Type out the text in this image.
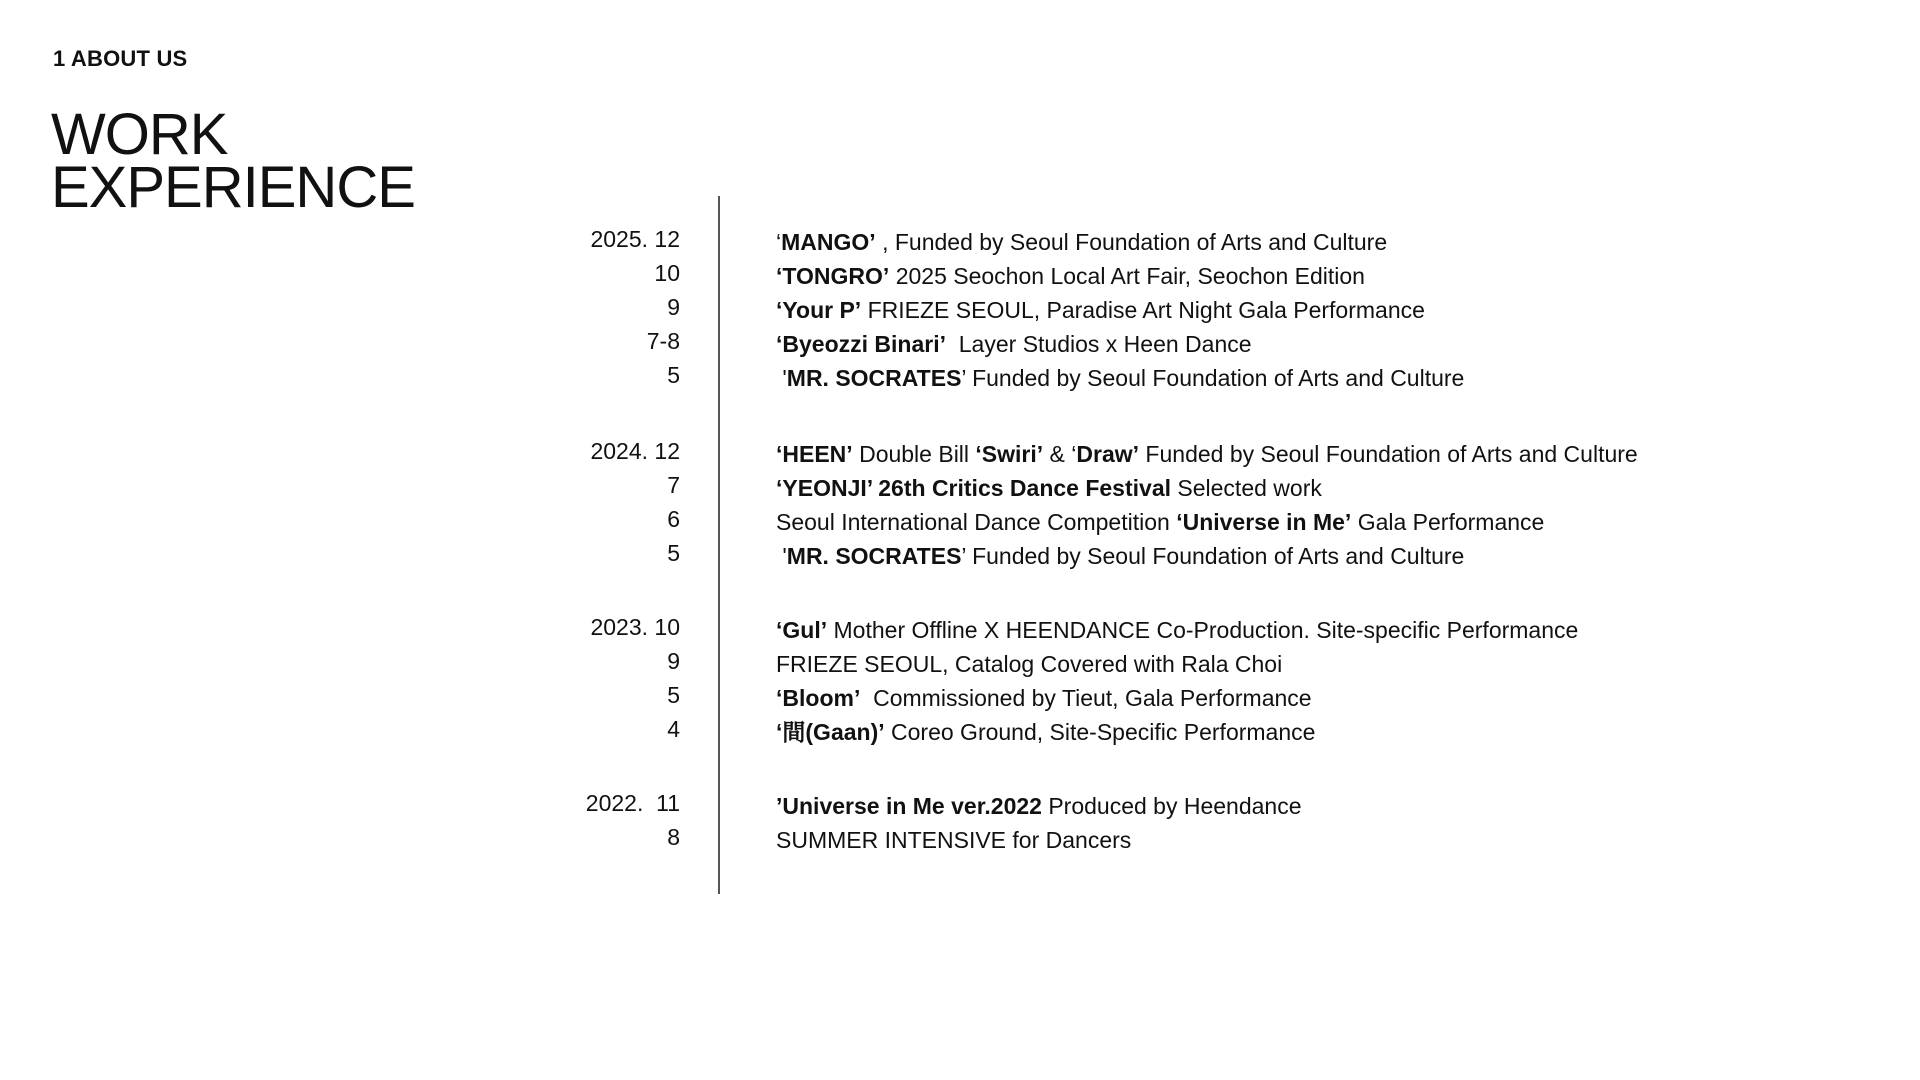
1 ABOUT US
WORK
EXPERIENCE
2025. 12	‘MANGO’ , Funded by Seoul Foundation of Arts and Culture
10	‘TONGRO’ 2025 Seochon Local Art Fair, Seochon Edition
9	‘Your P’ FRIEZE SEOUL, Paradise Art Night Gala Performance
7-8	‘Byeozzi Binari’  Layer Studios x Heen Dance
5	'MR. SOCRATES’ Funded by Seoul Foundation of Arts and Culture
2024. 12	‘HEEN’ Double Bill ‘Swiri’ & ‘Draw’ Funded by Seoul Foundation of Arts and Culture
7	‘YEONJI’ 26th Critics Dance Festival Selected work
6	Seoul International Dance Competition ‘Universe in Me’ Gala Performance
5	'MR. SOCRATES’ Funded by Seoul Foundation of Arts and Culture
2023. 10	‘Gul’ Mother Offline X HEENDANCE Co-Production. Site-specific Performance
9	FRIEZE SEOUL, Catalog Covered with Rala Choi
5	‘Bloom’  Commissioned by Tieut, Gala Performance
4	‘間(Gaan)’ Coreo Ground, Site-Specific Performance
2022.  11	’Universe in Me ver.2022 Produced by Heendance
8	SUMMER INTENSIVE for Dancers
